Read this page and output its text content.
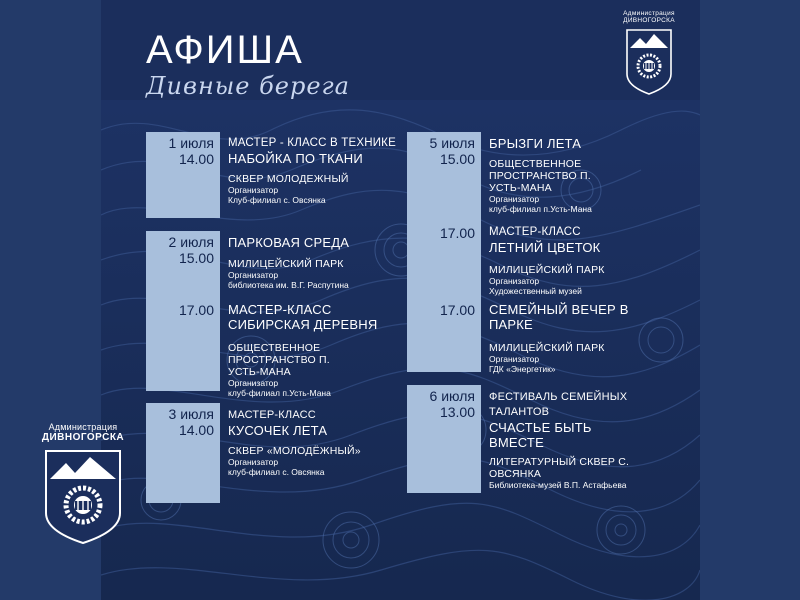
АФИША
Дивные берега
Администрация
ДИВНОГОРСКА
1 июля
14.00
МАСТЕР - КЛАСС В ТЕХНИКЕ
НАБОЙКА ПО ТКАНИ
СКВЕР МОЛОДЕЖНЫЙ
Организатор
Клуб-филиал с. Овсянка
2 июля
15.00
ПАРКОВАЯ СРЕДА
МИЛИЦЕЙСКИЙ ПАРК
Организатор
библиотека им. В.Г. Распутина
17.00 МАСТЕР-КЛАСС
СИБИРСКАЯ ДЕРЕВНЯ
ОБЩЕСТВЕННОЕ
ПРОСТРАНСТВО П.
УСТЬ-МАНА
Организатор
клуб-филиал п.Усть-Мана
3 июля
14.00
МАСТЕР-КЛАСС
КУСОЧЕК ЛЕТА
СКВЕР «МОЛОДЁЖНЫЙ»
Организатор
клуб-филиал с. Овсянка
5 июля
15.00
БРЫЗГИ ЛЕТА
ОБЩЕСТВЕННОЕ
ПРОСТРАНСТВО П.
УСТЬ-МАНА
Организатор
клуб-филиал п.Усть-Мана
17.00 МАСТЕР-КЛАСС
ЛЕТНИЙ ЦВЕТОК
МИЛИЦЕЙСКИЙ ПАРК
Организатор
Художественный музей
17.00 СЕМЕЙНЫЙ ВЕЧЕР В
ПАРКЕ
МИЛИЦЕЙСКИЙ ПАРК
Организатор
ГДК «Энергетик»
6 июля
13.00
ФЕСТИВАЛЬ СЕМЕЙНЫХ
ТАЛАНТОВ
СЧАСТЬЕ БЫТЬ
ВМЕСТЕ
ЛИТЕРАТУРНЫЙ СКВЕР С.
ОВСЯНКА
Библиотека-музей В.П. Астафьева
Администрация
ДИВНОГОРСКА
